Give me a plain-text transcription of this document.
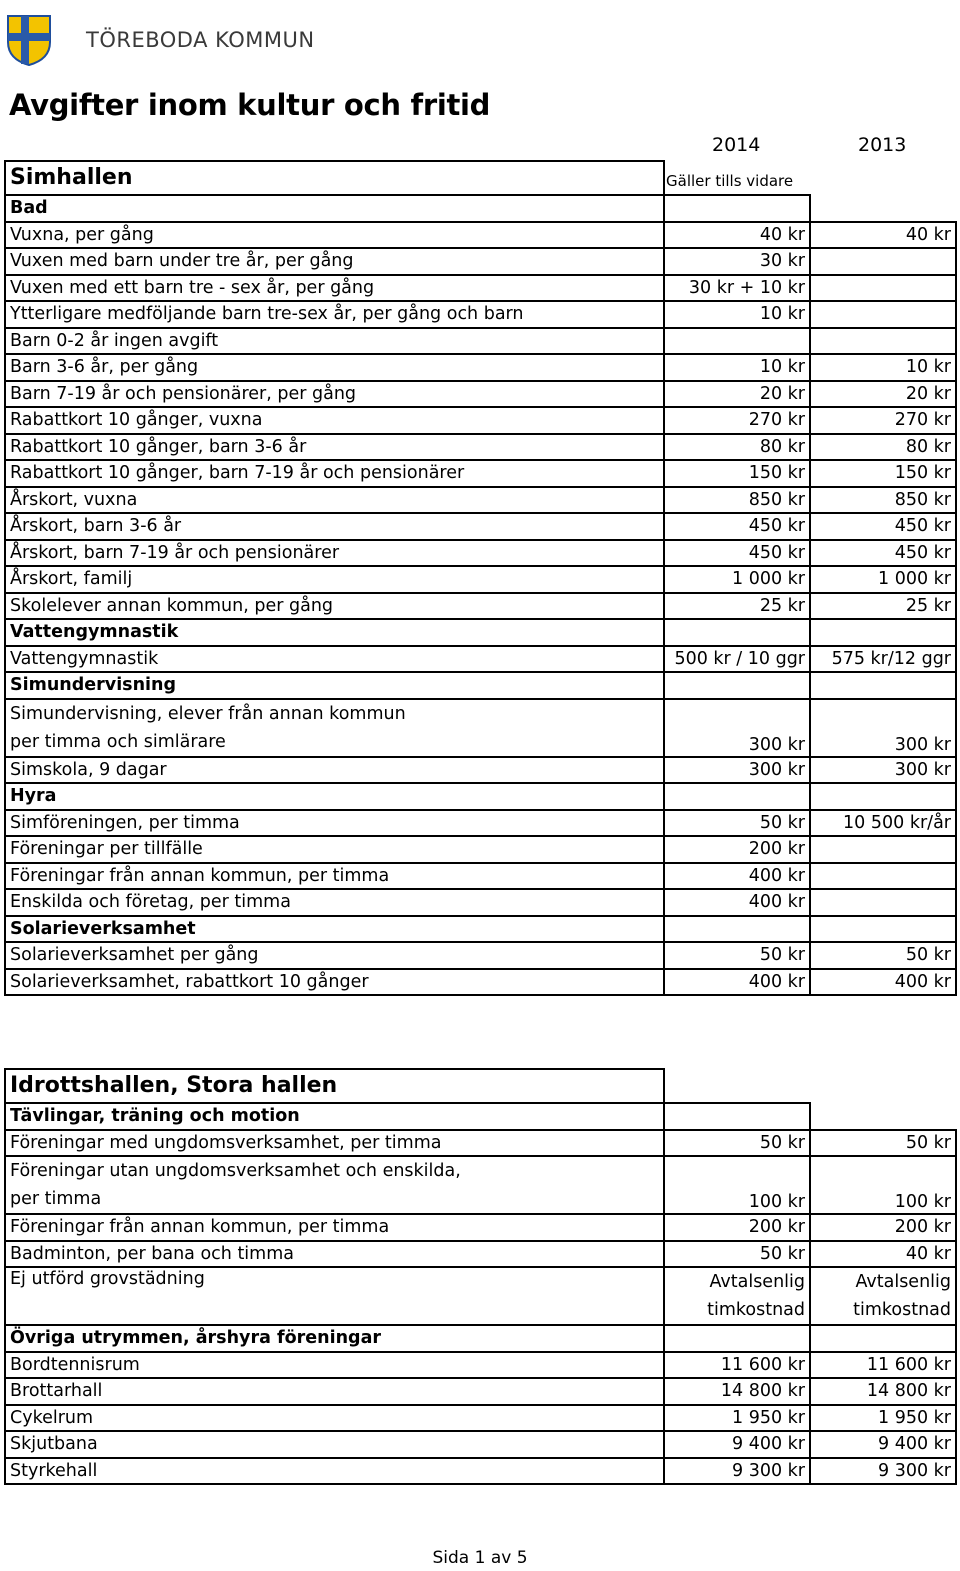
TÖREBODA KOMMUN
Avgifter inom kultur och fritid
2014	2013
Gäller tills vidare
Simhallen		
Bad		
Vuxna, per gång	40 kr	40 kr
Vuxen med barn under tre år, per gång	30 kr	
Vuxen med ett barn tre - sex år, per gång	30 kr + 10 kr	
Ytterligare medföljande barn tre-sex år, per gång och barn	10 kr	
Barn 0-2 år ingen avgift		
Barn 3-6 år, per gång	10 kr	10 kr
Barn 7-19 år och pensionärer, per gång	20 kr	20 kr
Rabattkort 10 gånger, vuxna	270 kr	270 kr
Rabattkort 10 gånger, barn 3-6 år	80 kr	80 kr
Rabattkort 10 gånger, barn 7-19 år och pensionärer	150 kr	150 kr
Årskort, vuxna	850 kr	850 kr
Årskort, barn 3-6 år	450 kr	450 kr
Årskort, barn 7-19 år och pensionärer	450 kr	450 kr
Årskort, familj	1 000 kr	1 000 kr
Skolelever annan kommun, per gång	25 kr	25 kr
Vattengymnastik		
Vattengymnastik	500 kr / 10 ggr	575 kr/12 ggr
Simundervisning		
Simundervisning, elever från annan kommun
per timma och simlärare	300 kr	300 kr
Simskola, 9 dagar	300 kr	300 kr
Hyra		
Simföreningen, per timma	50 kr	10 500 kr/år
Föreningar per tillfälle	200 kr	
Föreningar från annan kommun, per timma	400 kr	
Enskilda och företag, per timma	400 kr	
Solarieverksamhet		
Solarieverksamhet per gång	50 kr	50 kr
Solarieverksamhet, rabattkort 10 gånger	400 kr	400 kr
Idrottshallen, Stora hallen		
Tävlingar, träning och motion		
Föreningar med ungdomsverksamhet, per timma	50 kr	50 kr
Föreningar utan ungdomsverksamhet och enskilda,
per timma	100 kr	100 kr
Föreningar från annan kommun, per timma	200 kr	200 kr
Badminton, per bana och timma	50 kr	40 kr
Ej utförd grovstädning	Avtalsenlig timkostnad	Avtalsenlig timkostnad
Övriga utrymmen, årshyra föreningar		
Bordtennisrum	11 600 kr	11 600 kr
Brottarhall	14 800 kr	14 800 kr
Cykelrum	1 950 kr	1 950 kr
Skjutbana	9 400 kr	9 400 kr
Styrkehall	9 300 kr	9 300 kr
Sida 1 av 5
